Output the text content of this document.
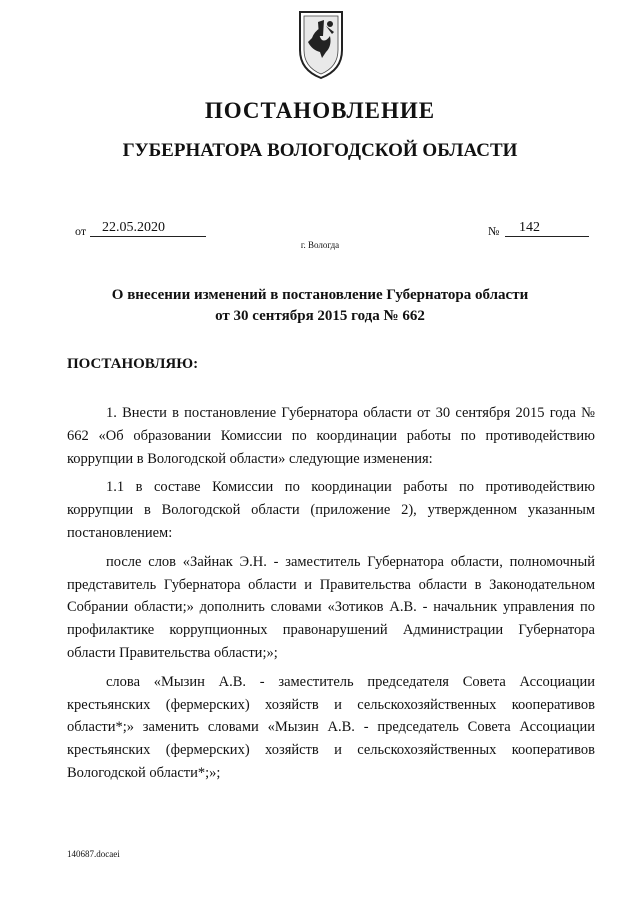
ПОСТАНОВЛЕНИЕ
ГУБЕРНАТОРА ВОЛОГОДСКОЙ ОБЛАСТИ
от 22.05.2020	№ 142
г. Вологда
О внесении изменений в постановление Губернатора области
от 30 сентября 2015 года № 662
ПОСТАНОВЛЯЮ:

1. Внести в постановление Губернатора области от 30 сентября 2015 года № 662 «Об образовании Комиссии по координации работы по противодействию коррупции в Вологодской области» следующие изменения:

1.1 в составе Комиссии по координации работы по противодействию коррупции в Вологодской области (приложение 2), утвержденном указанным постановлением:

после слов «Зайнак Э.Н. - заместитель Губернатора области, полномочный представитель Губернатора области и Правительства области в Законодательном Собрании области;» дополнить словами «Зотиков А.В. - начальник управления по профилактике коррупционных правонарушений Администрации Губернатора области Правительства области;»;

слова «Мызин А.В. - заместитель председателя Совета Ассоциации крестьянских (фермерских) хозяйств и сельскохозяйственных кооперативов области*;» заменить словами «Мызин А.В. - председатель Совета Ассоциации крестьянских (фермерских) хозяйств и сельскохозяйственных кооперативов Вологодской области*;»;

140687.docaei
